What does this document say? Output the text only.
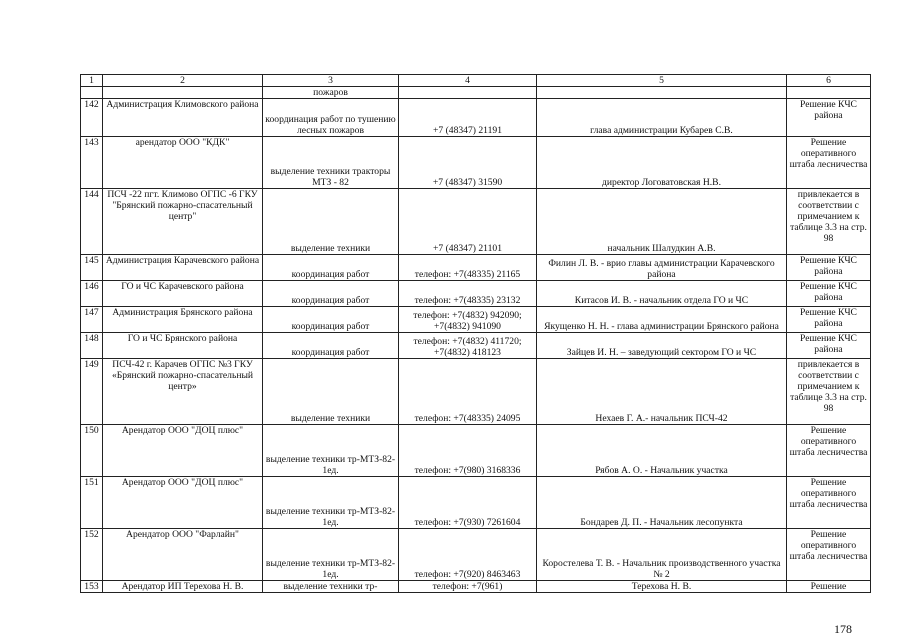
1	2	3	4	5	6
		пожаров			
142	Администрация Климовского района	координация работ по тушению лесных пожаров	+7 (48347) 21191	глава администрации Кубарев С.В.	Решение КЧС района
143	арендатор ООО "КДК"	выделение техники тракторы МТЗ - 82	+7 (48347) 31590	директор Логоватовская Н.В.	Решение оперативного штаба лесничества
144	ПСЧ -22 пгт. Климово ОГПС -6 ГКУ "Брянский пожарно-спасательный центр"	выделение техники	+7 (48347) 21101	начальник Шалудкин А.В.	привлекается в соответствии с примечанием к таблице 3.3 на стр. 98
145	Администрация Карачевского района	координация работ	телефон: +7(48335) 21165	Филин Л. В. - врио главы администрации Карачевского района	Решение КЧС района
146	ГО и ЧС Карачевского района	координация работ	телефон: +7(48335) 23132	Китасов И. В. - начальник отдела ГО и ЧС	Решение КЧС района
147	Администрация Брянского района	координация работ	телефон: +7(4832) 942090; +7(4832) 941090	Якущенко Н. Н. - глава администрации Брянского района	Решение КЧС района
148	ГО и ЧС Брянского района	координация работ	телефон: +7(4832) 411720; +7(4832) 418123	Зайцев И. Н. – заведующий сектором ГО и ЧС	Решение КЧС района
149	ПСЧ-42 г. Карачев ОГПС №3 ГКУ «Брянский пожарно-спасательный центр»	выделение техники	телефон: +7(48335) 24095	Нехаев Г. А.- начальник ПСЧ-42	привлекается в соответствии с примечанием к таблице 3.3 на стр. 98
150	Арендатор ООО "ДОЦ плюс"	выделение техники тр-МТЗ-82-1ед.	телефон: +7(980) 3168336	Рябов А. О. - Начальник участка	Решение оперативного штаба лесничества
151	Арендатор ООО "ДОЦ плюс"	выделение техники тр-МТЗ-82-1ед.	телефон: +7(930) 7261604	Бондарев Д. П. - Начальник лесопункта	Решение оперативного штаба лесничества
152	Арендатор ООО "Фарлайн"	выделение техники тр-МТЗ-82-1ед.	телефон: +7(920) 8463463	Коростелева Т. В. - Начальник производственного участка № 2	Решение оперативного штаба лесничества
153	Арендатор ИП Терехова Н. В.	выделение техники тр-	телефон: +7(961)	Терехова Н. В.	Решение
178
